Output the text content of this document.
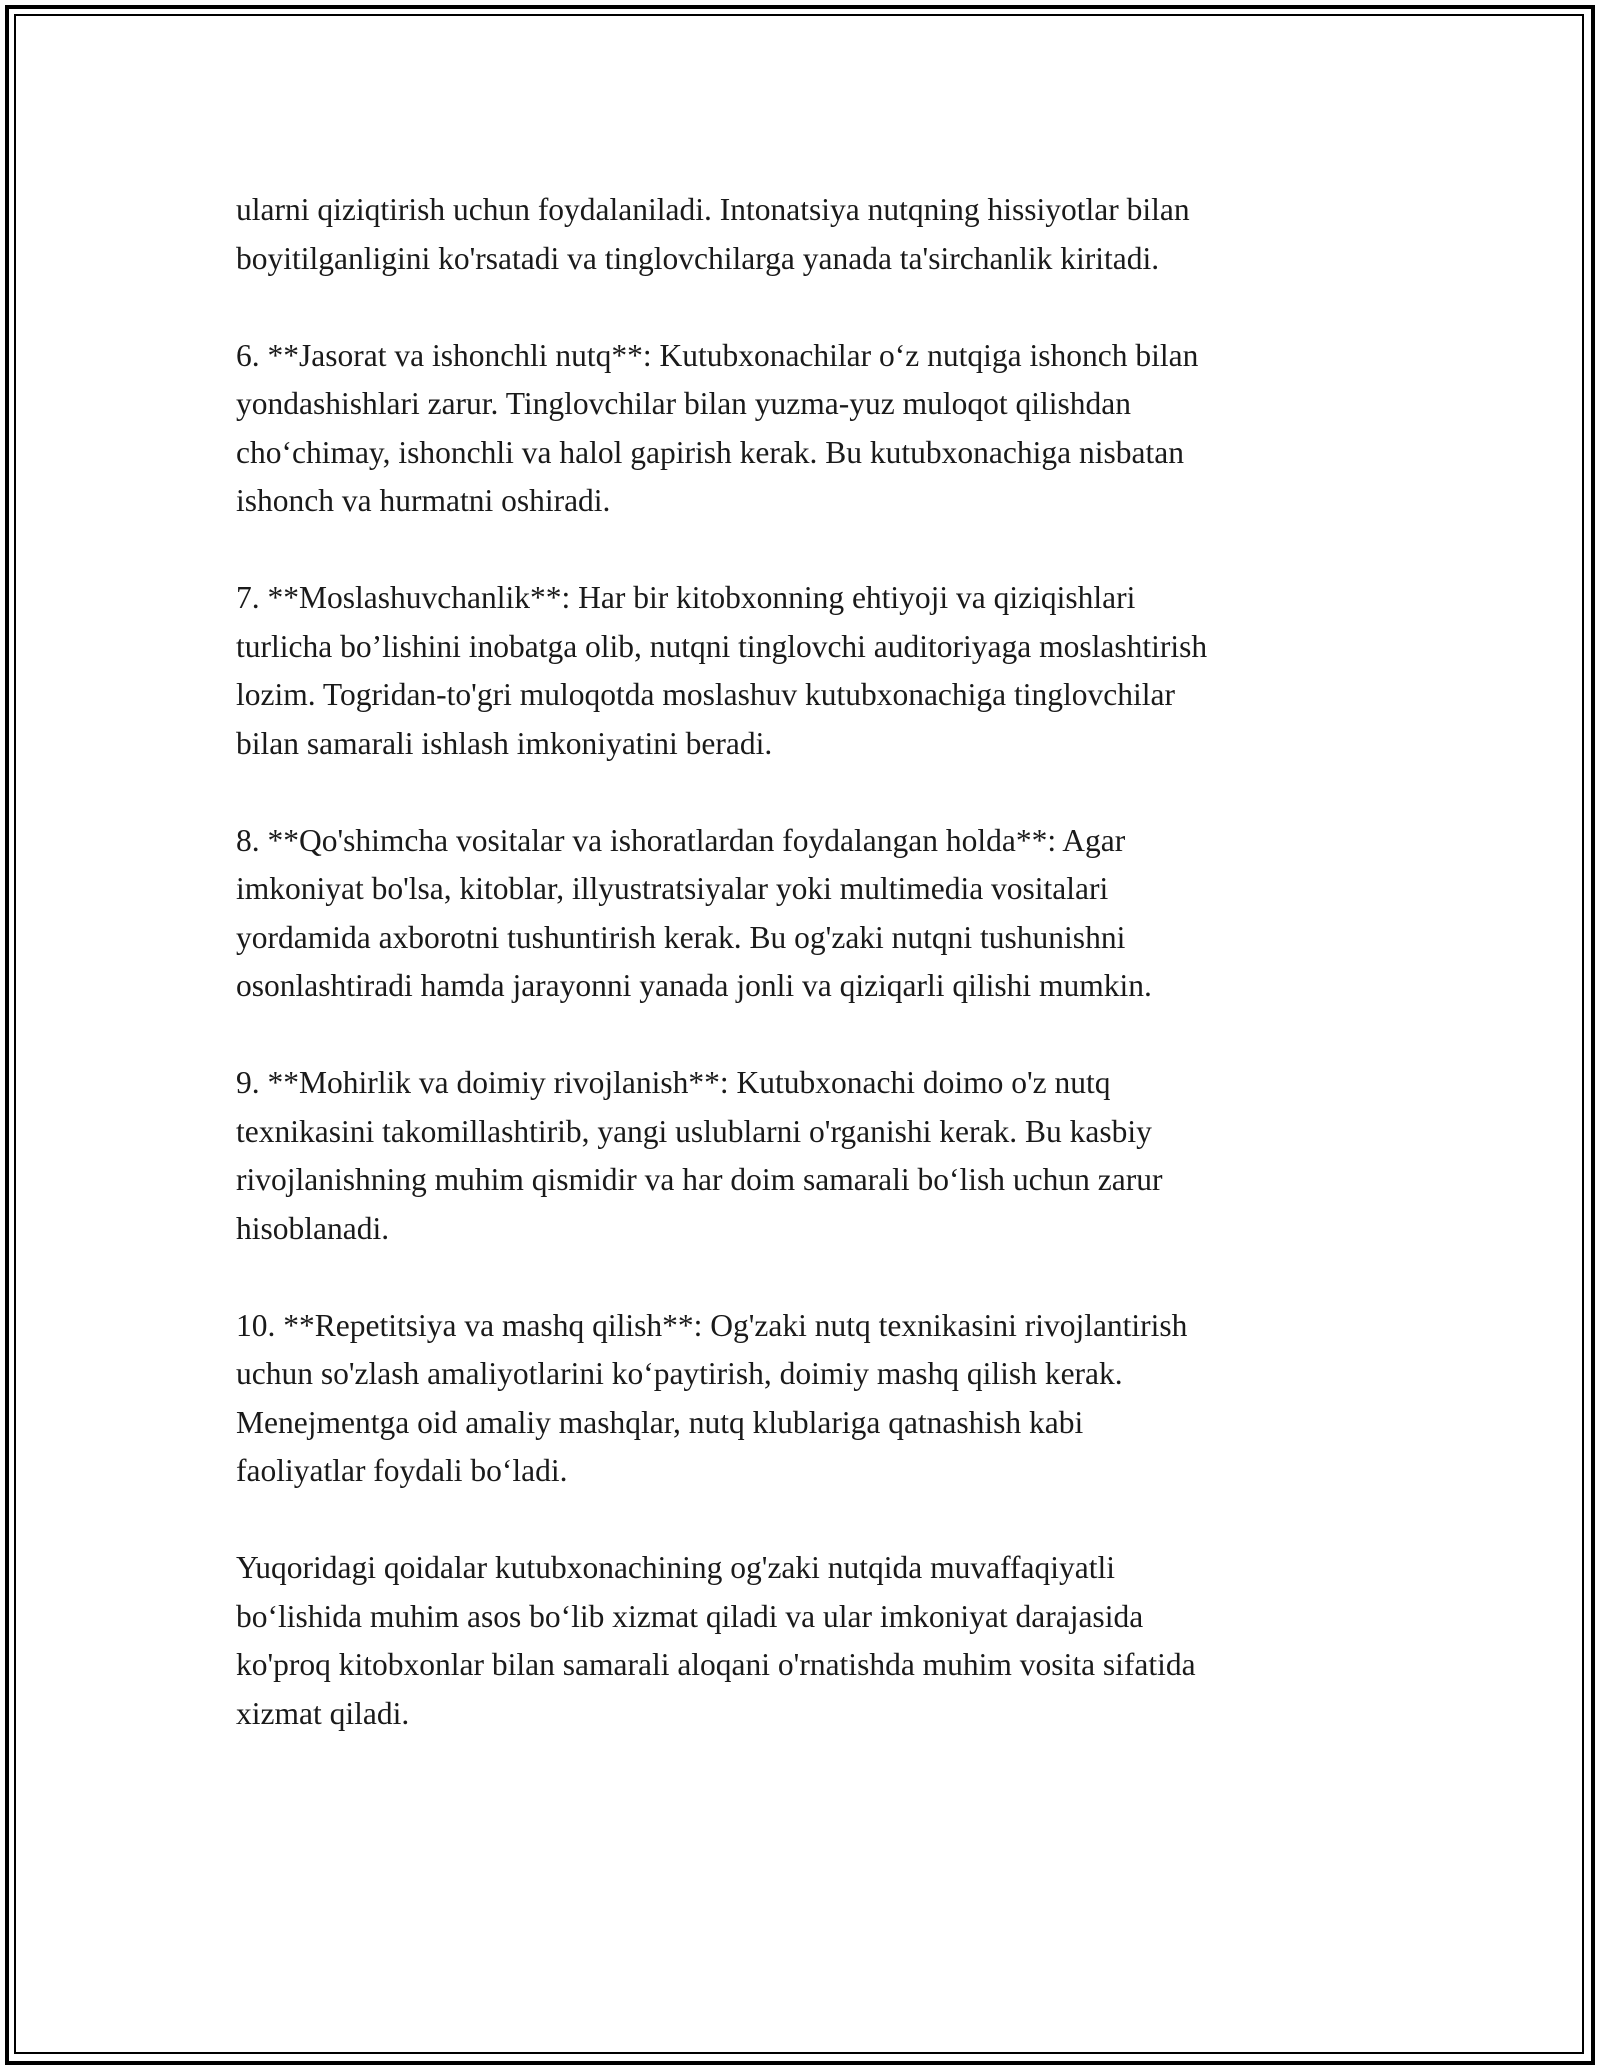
ularni qiziqtirish uchun foydalaniladi. Intonatsiya nutqning hissiyotlar bilan
boyitilganligini ko'rsatadi va tinglovchilarga yanada ta'sirchanlik kiritadi.

6. **Jasorat va ishonchli nutq**: Kutubxonachilar o‘z nutqiga ishonch bilan
yondashishlari zarur. Tinglovchilar bilan yuzma-yuz muloqot qilishdan
cho‘chimay, ishonchli va halol gapirish kerak. Bu kutubxonachiga nisbatan
ishonch va hurmatni oshiradi.

7. **Moslashuvchanlik**: Har bir kitobxonning ehtiyoji va qiziqishlari
turlicha bo’lishini inobatga olib, nutqni tinglovchi auditoriyaga moslashtirish
lozim. Togridan-to'gri muloqotda moslashuv kutubxonachiga tinglovchilar
bilan samarali ishlash imkoniyatini beradi.

8. **Qo'shimcha vositalar va ishoratlardan foydalangan holda**: Agar
imkoniyat bo'lsa, kitoblar, illyustratsiyalar yoki multimedia vositalari
yordamida axborotni tushuntirish kerak. Bu og'zaki nutqni tushunishni
osonlashtiradi hamda jarayonni yanada jonli va qiziqarli qilishi mumkin.

9. **Mohirlik va doimiy rivojlanish**: Kutubxonachi doimo o'z nutq
texnikasini takomillashtirib, yangi uslublarni o'rganishi kerak. Bu kasbiy
rivojlanishning muhim qismidir va har doim samarali bo‘lish uchun zarur
hisoblanadi.

10. **Repetitsiya va mashq qilish**: Og'zaki nutq texnikasini rivojlantirish
uchun so'zlash amaliyotlarini ko‘paytirish, doimiy mashq qilish kerak.
Menejmentga oid amaliy mashqlar, nutq klublariga qatnashish kabi
faoliyatlar foydali bo‘ladi.

Yuqoridagi qoidalar kutubxonachining og'zaki nutqida muvaffaqiyatli
bo‘lishida muhim asos bo‘lib xizmat qiladi va ular imkoniyat darajasida
ko'proq kitobxonlar bilan samarali aloqani o'rnatishda muhim vosita sifatida
xizmat qiladi.
